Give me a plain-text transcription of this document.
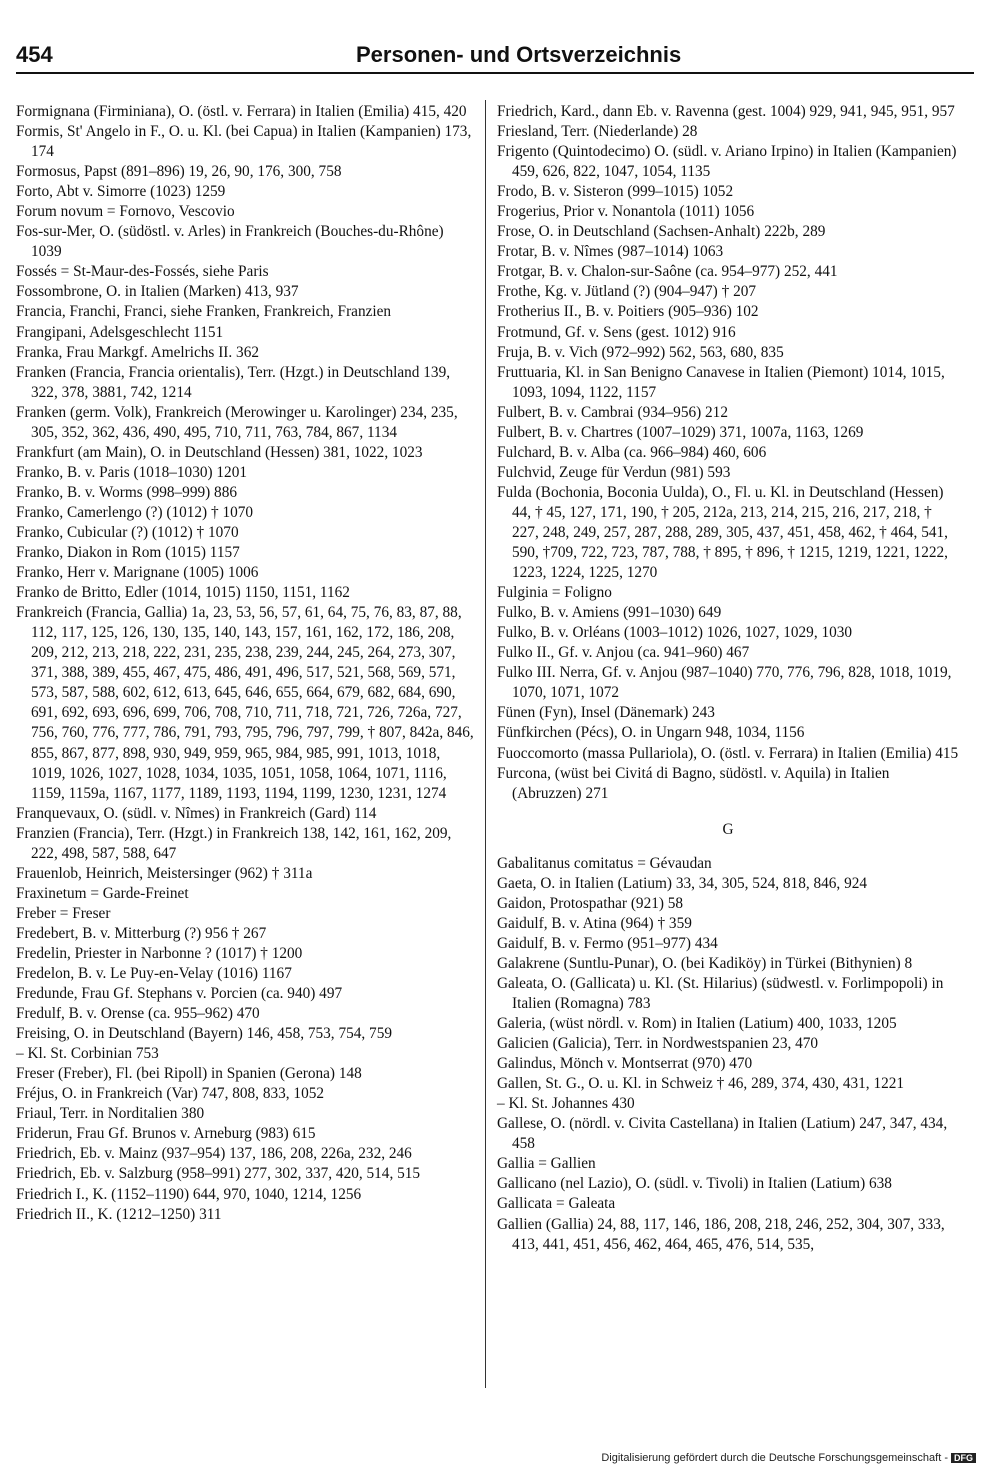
454	Personen- und Ortsverzeichnis
Formignana (Firminiana), O. (östl. v. Ferrara) in Italien (Emilia) 415, 420
Formis, St' Angelo in F., O. u. Kl. (bei Capua) in Italien (Kampanien) 173, 174
Formosus, Papst (891–896) 19, 26, 90, 176, 300, 758
Forto, Abt v. Simorre (1023) 1259
Forum novum = Fornovo, Vescovio
Fos-sur-Mer, O. (südöstl. v. Arles) in Frankreich (Bouches-du-Rhône) 1039
Fossés = St-Maur-des-Fossés, siehe Paris
Fossombrone, O. in Italien (Marken) 413, 937
Francia, Franchi, Franci, siehe Franken, Frankreich, Franzien
Frangipani, Adelsgeschlecht 1151
Franka, Frau Markgf. Amelrichs II. 362
Franken (Francia, Francia orientalis), Terr. (Hzgt.) in Deutschland 139, 322, 378, 3881, 742, 1214
Franken (germ. Volk), Frankreich (Merowinger u. Karolinger) 234, 235, 305, 352, 362, 436, 490, 495, 710, 711, 763, 784, 867, 1134
Frankfurt (am Main), O. in Deutschland (Hessen) 381, 1022, 1023
Franko, B. v. Paris (1018–1030) 1201
Franko, B. v. Worms (998–999) 886
Franko, Camerlengo (?) (1012) † 1070
Franko, Cubicular (?) (1012) † 1070
Franko, Diakon in Rom (1015) 1157
Franko, Herr v. Marignane (1005) 1006
Franko de Britto, Edler (1014, 1015) 1150, 1151, 1162
Frankreich (Francia, Gallia) 1a, 23, 53, 56, 57, 61, 64, 75, 76, 83, 87, 88, 112, 117, 125, 126, 130, 135, 140, 143, 157, 161, 162, 172, 186, 208, 209, 212, 213, 218, 222, 231, 235, 238, 239, 244, 245, 264, 273, 307, 371, 388, 389, 455, 467, 475, 486, 491, 496, 517, 521, 568, 569, 571, 573, 587, 588, 602, 612, 613, 645, 646, 655, 664, 679, 682, 684, 690, 691, 692, 693, 696, 699, 706, 708, 710, 711, 718, 721, 726, 726a, 727, 756, 760, 776, 777, 786, 791, 793, 795, 796, 797, 799, † 807, 842a, 846, 855, 867, 877, 898, 930, 949, 959, 965, 984, 985, 991, 1013, 1018, 1019, 1026, 1027, 1028, 1034, 1035, 1051, 1058, 1064, 1071, 1116, 1159, 1159a, 1167, 1177, 1189, 1193, 1194, 1199, 1230, 1231, 1274
Franquevaux, O. (südl. v. Nîmes) in Frankreich (Gard) 114
Franzien (Francia), Terr. (Hzgt.) in Frankreich 138, 142, 161, 162, 209, 222, 498, 587, 588, 647
Frauenlob, Heinrich, Meistersinger (962) † 311a
Fraxinetum = Garde-Freinet
Freber = Freser
Fredebert, B. v. Mitterburg (?) 956 † 267
Fredelin, Priester in Narbonne ? (1017) † 1200
Fredelon, B. v. Le Puy-en-Velay (1016) 1167
Fredunde, Frau Gf. Stephans v. Porcien (ca. 940) 497
Fredulf, B. v. Orense (ca. 955–962) 470
Freising, O. in Deutschland (Bayern) 146, 458, 753, 754, 759
– Kl. St. Corbinian 753
Freser (Freber), Fl. (bei Ripoll) in Spanien (Gerona) 148
Fréjus, O. in Frankreich (Var) 747, 808, 833, 1052
Friaul, Terr. in Norditalien 380
Friderun, Frau Gf. Brunos v. Arneburg (983) 615
Friedrich, Eb. v. Mainz (937–954) 137, 186, 208, 226a, 232, 246
Friedrich, Eb. v. Salzburg (958–991) 277, 302, 337, 420, 514, 515
Friedrich I., K. (1152–1190) 644, 970, 1040, 1214, 1256
Friedrich II., K. (1212–1250) 311
Friedrich, Kard., dann Eb. v. Ravenna (gest. 1004) 929, 941, 945, 951, 957
Friesland, Terr. (Niederlande) 28
Frigento (Quintodecimo) O. (südl. v. Ariano Irpino) in Italien (Kampanien) 459, 626, 822, 1047, 1054, 1135
Frodo, B. v. Sisteron (999–1015) 1052
Frogerius, Prior v. Nonantola (1011) 1056
Frose, O. in Deutschland (Sachsen-Anhalt) 222b, 289
Frotar, B. v. Nîmes (987–1014) 1063
Frotgar, B. v. Chalon-sur-Saône (ca. 954–977) 252, 441
Frothe, Kg. v. Jütland (?) (904–947) † 207
Frotherius II., B. v. Poitiers (905–936) 102
Frotmund, Gf. v. Sens (gest. 1012) 916
Fruja, B. v. Vich (972–992) 562, 563, 680, 835
Fruttuaria, Kl. in San Benigno Canavese in Italien (Piemont) 1014, 1015, 1093, 1094, 1122, 1157
Fulbert, B. v. Cambrai (934–956) 212
Fulbert, B. v. Chartres (1007–1029) 371, 1007a, 1163, 1269
Fulchard, B. v. Alba (ca. 966–984) 460, 606
Fulchvid, Zeuge für Verdun (981) 593
Fulda (Bochonia, Boconia Uulda), O., Fl. u. Kl. in Deutschland (Hessen) 44, † 45, 127, 171, 190, † 205, 212a, 213, 214, 215, 216, 217, 218, † 227, 248, 249, 257, 287, 288, 289, 305, 437, 451, 458, 462, † 464, 541, 590, †709, 722, 723, 787, 788, † 895, † 896, † 1215, 1219, 1221, 1222, 1223, 1224, 1225, 1270
Fulginia = Foligno
Fulko, B. v. Amiens (991–1030) 649
Fulko, B. v. Orléans (1003–1012) 1026, 1027, 1029, 1030
Fulko II., Gf. v. Anjou (ca. 941–960) 467
Fulko III. Nerra, Gf. v. Anjou (987–1040) 770, 776, 796, 828, 1018, 1019, 1070, 1071, 1072
Fünen (Fyn), Insel (Dänemark) 243
Fünfkirchen (Pécs), O. in Ungarn 948, 1034, 1156
Fuoccomorto (massa Pullariola), O. (östl. v. Ferrara) in Italien (Emilia) 415
Furcona, (wüst bei Civitá di Bagno, südöstl. v. Aquila) in Italien (Abruzzen) 271
G
Gabalitanus comitatus = Gévaudan
Gaeta, O. in Italien (Latium) 33, 34, 305, 524, 818, 846, 924
Gaidon, Protospathar (921) 58
Gaidulf, B. v. Atina (964) † 359
Gaidulf, B. v. Fermo (951–977) 434
Galakrene (Suntlu-Punar), O. (bei Kadiköy) in Türkei (Bithynien) 8
Galeata, O. (Gallicata) u. Kl. (St. Hilarius) (südwestl. v. Forlimpopoli) in Italien (Romagna) 783
Galeria, (wüst nördl. v. Rom) in Italien (Latium) 400, 1033, 1205
Galicien (Galicia), Terr. in Nordwestspanien 23, 470
Galindus, Mönch v. Montserrat (970) 470
Gallen, St. G., O. u. Kl. in Schweiz † 46, 289, 374, 430, 431, 1221
– Kl. St. Johannes 430
Gallese, O. (nördl. v. Civita Castellana) in Italien (Latium) 247, 347, 434, 458
Gallia = Gallien
Gallicano (nel Lazio), O. (südl. v. Tivoli) in Italien (Latium) 638
Gallicata = Galeata
Gallien (Gallia) 24, 88, 117, 146, 186, 208, 218, 246, 252, 304, 307, 333, 413, 441, 451, 456, 462, 464, 465, 476, 514, 535,
Digitalisierung gefördert durch die Deutsche Forschungsgemeinschaft - DFG
